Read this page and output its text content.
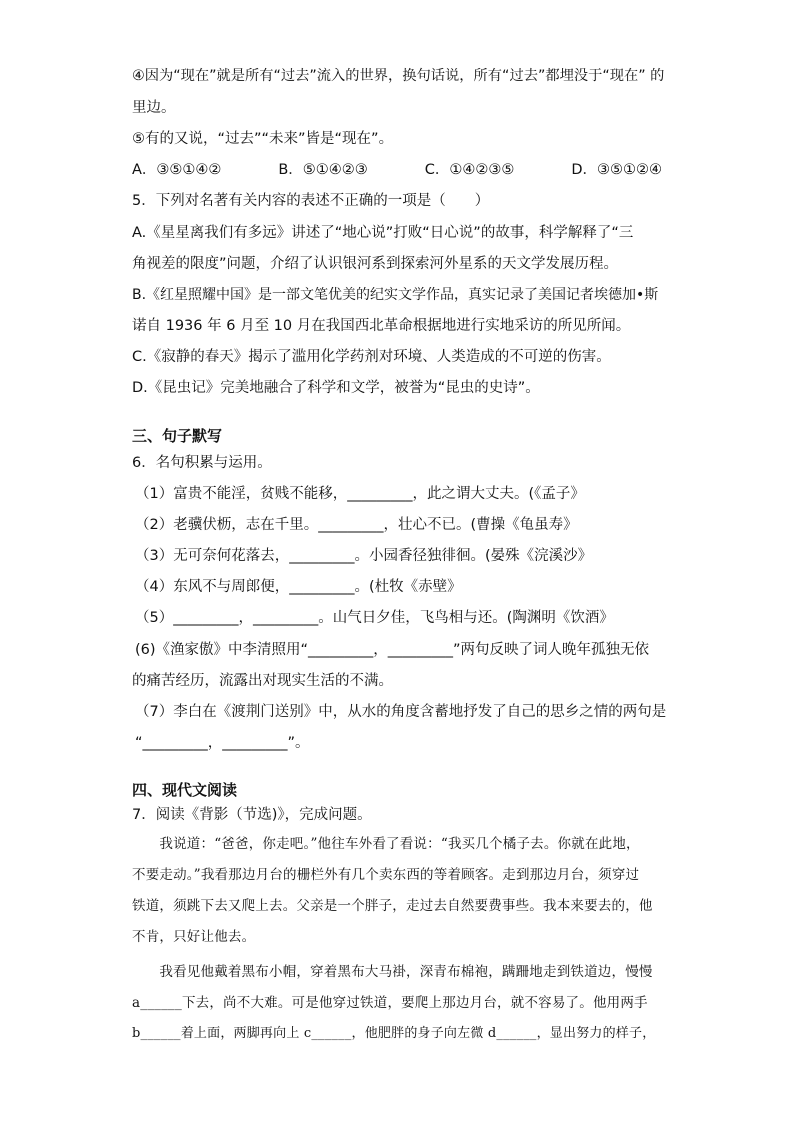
④因为“现在”就是所有“过去”流入的世界，换句话说，所有“过去”都埋没于“现在” 的
里边。
⑤有的又说，“过去”“未来”皆是“现在”。
A．③⑤①④②	B．⑤①④②③	C．①④②③⑤	D．③⑤①②④
5．下列对名著有关内容的表述不正确的一项是（　　）
A.《星星离我们有多远》讲述了“地心说”打败“日心说”的故事，科学解释了“三
角视差的限度”问题，介绍了认识银河系到探索河外星系的天文学发展历程。
B.《红星照耀中国》是一部文笔优美的纪实文学作品，真实记录了美国记者埃德加•斯
诺自 1936 年 6 月至 10 月在我国西北革命根据地进行实地采访的所见所闻。
C.《寂静的春天》揭示了滥用化学药剂对环境、人类造成的不可逆的伤害。
D.《昆虫记》完美地融合了科学和文学，被誉为“昆虫的史诗”。
三、句子默写
6．名句积累与运用。
（1）富贵不能淫，贫贱不能移，_________，此之谓大丈夫。(《孟子》
（2）老骥伏枥，志在千里。_________，壮心不已。(曹操《龟虽寿》
（3）无可奈何花落去，_________。小园香径独徘徊。(晏殊《浣溪沙》
（4）东风不与周郎便，_________。(杜牧《赤壁》
（5）_________，_________。山气日夕佳，飞鸟相与还。(陶渊明《饮酒》
(6)《渔家傲》中李清照用“_________，_________”两句反映了词人晚年孤独无依
的痛苦经历，流露出对现实生活的不满。
（7）李白在《渡荆门送别》中，从水的角度含蓄地抒发了自己的思乡之情的两句是
“_________，_________”。
四、现代文阅读
7．阅读《背影（节选)》，完成问题。
　　我说道：“爸爸，你走吧。”他往车外看了看说：“我买几个橘子去。你就在此地，
不要走动。”我看那边月台的栅栏外有几个卖东西的等着顾客。走到那边月台，须穿过
铁道，须跳下去又爬上去。父亲是一个胖子，走过去自然要费事些。我本来要去的，他
不肯，只好让他去。
　　我看见他戴着黑布小帽，穿着黑布大马褂，深青布棉袍，蹒跚地走到铁道边，慢慢
a______下去，尚不大难。可是他穿过铁道，要爬上那边月台，就不容易了。他用两手
b______着上面，两脚再向上 c______，他肥胖的身子向左微 d______，显出努力的样子，
